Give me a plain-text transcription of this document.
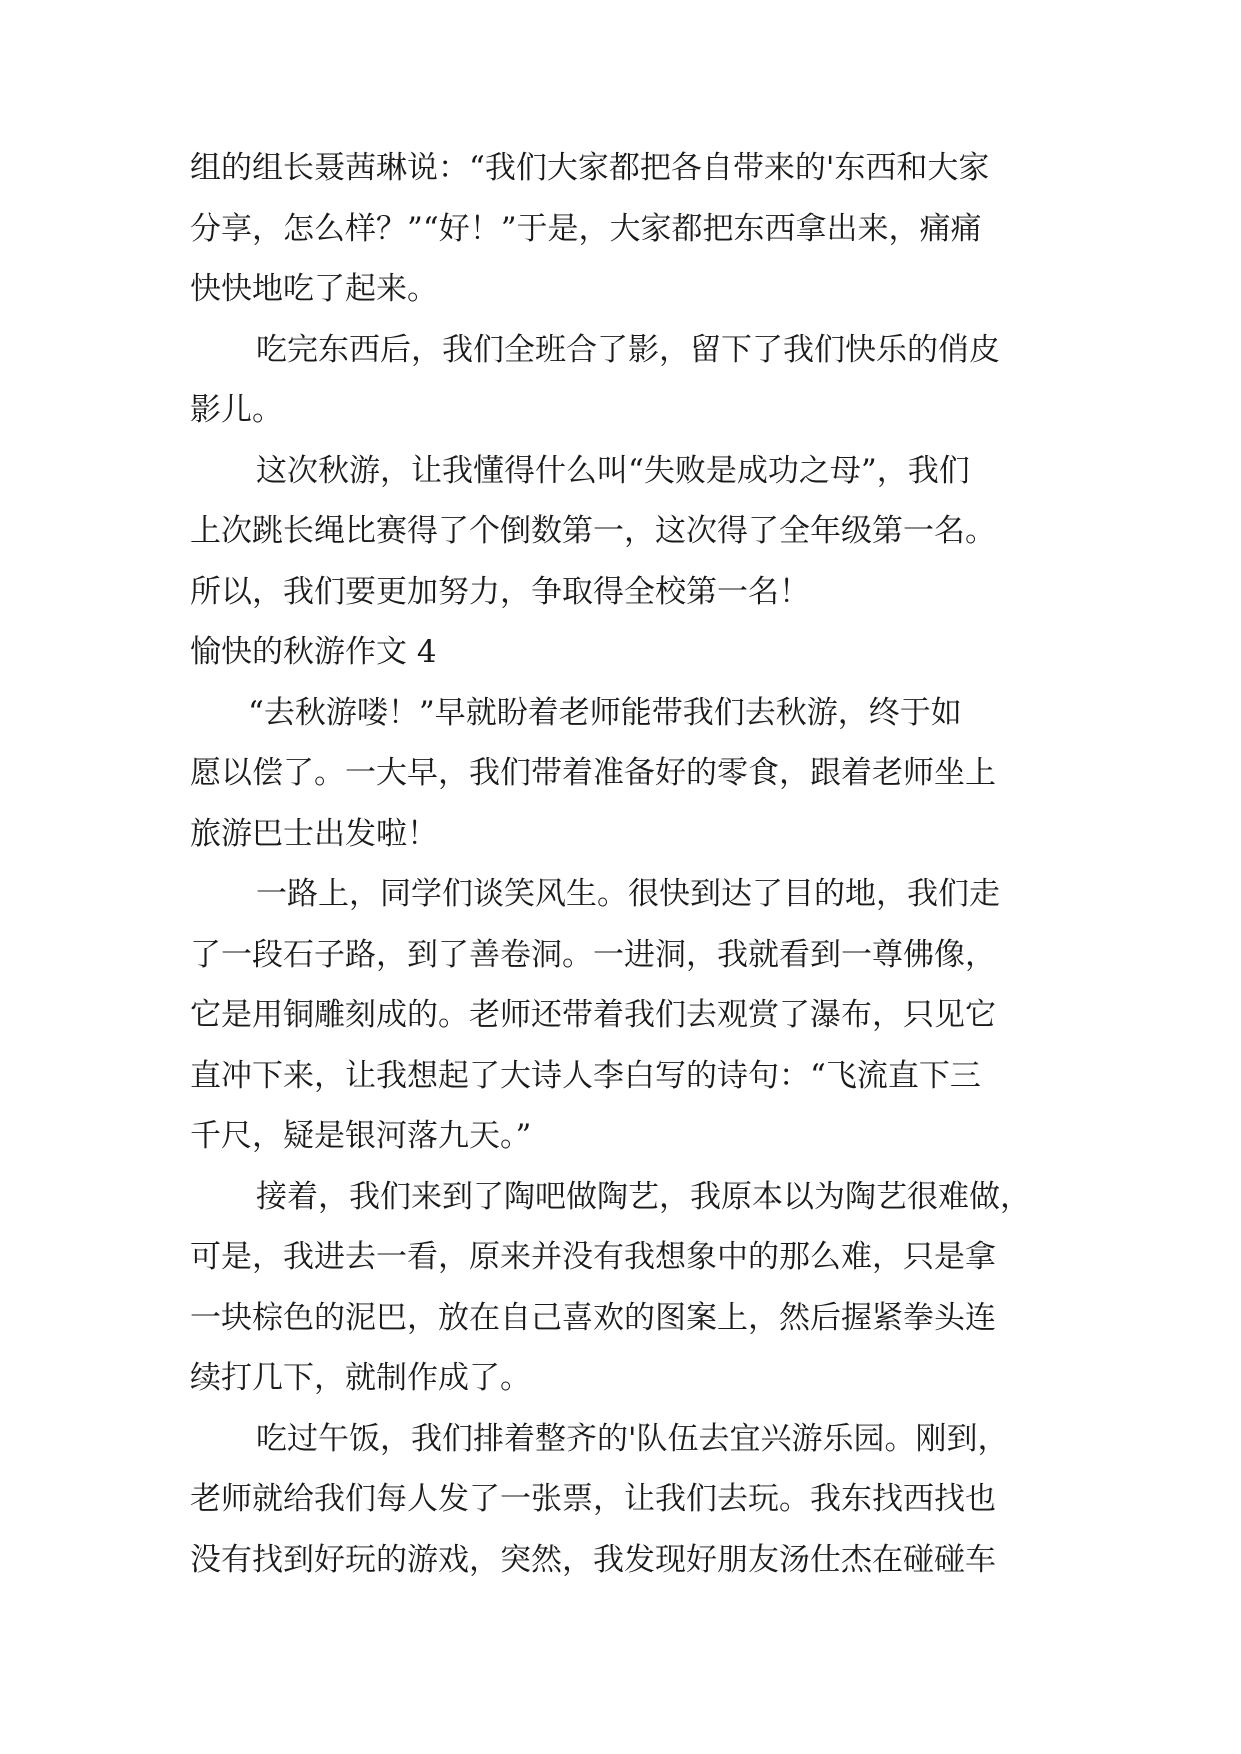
组的组长聂茜琳说：“我们大家都把各自带来的'东西和大家
分享，怎么样？”“好！”于是，大家都把东西拿出来，痛痛
快快地吃了起来。

吃完东西后，我们全班合了影，留下了我们快乐的俏皮
影儿。

这次秋游，让我懂得什么叫“失败是成功之母”，我们
上次跳长绳比赛得了个倒数第一，这次得了全年级第一名。
所以，我们要更加努力，争取得全校第一名！

愉快的秋游作文 4

“去秋游喽！”早就盼着老师能带我们去秋游，终于如
愿以偿了。一大早，我们带着准备好的零食，跟着老师坐上
旅游巴士出发啦！

一路上，同学们谈笑风生。很快到达了目的地，我们走
了一段石子路，到了善卷洞。一进洞，我就看到一尊佛像，
它是用铜雕刻成的。老师还带着我们去观赏了瀑布，只见它
直冲下来，让我想起了大诗人李白写的诗句：“飞流直下三
千尺，疑是银河落九天。”

接着，我们来到了陶吧做陶艺，我原本以为陶艺很难做，
可是，我进去一看，原来并没有我想象中的那么难，只是拿
一块棕色的泥巴，放在自己喜欢的图案上，然后握紧拳头连
续打几下，就制作成了。

吃过午饭，我们排着整齐的'队伍去宜兴游乐园。刚到，
老师就给我们每人发了一张票，让我们去玩。我东找西找也
没有找到好玩的游戏，突然，我发现好朋友汤仕杰在碰碰车
